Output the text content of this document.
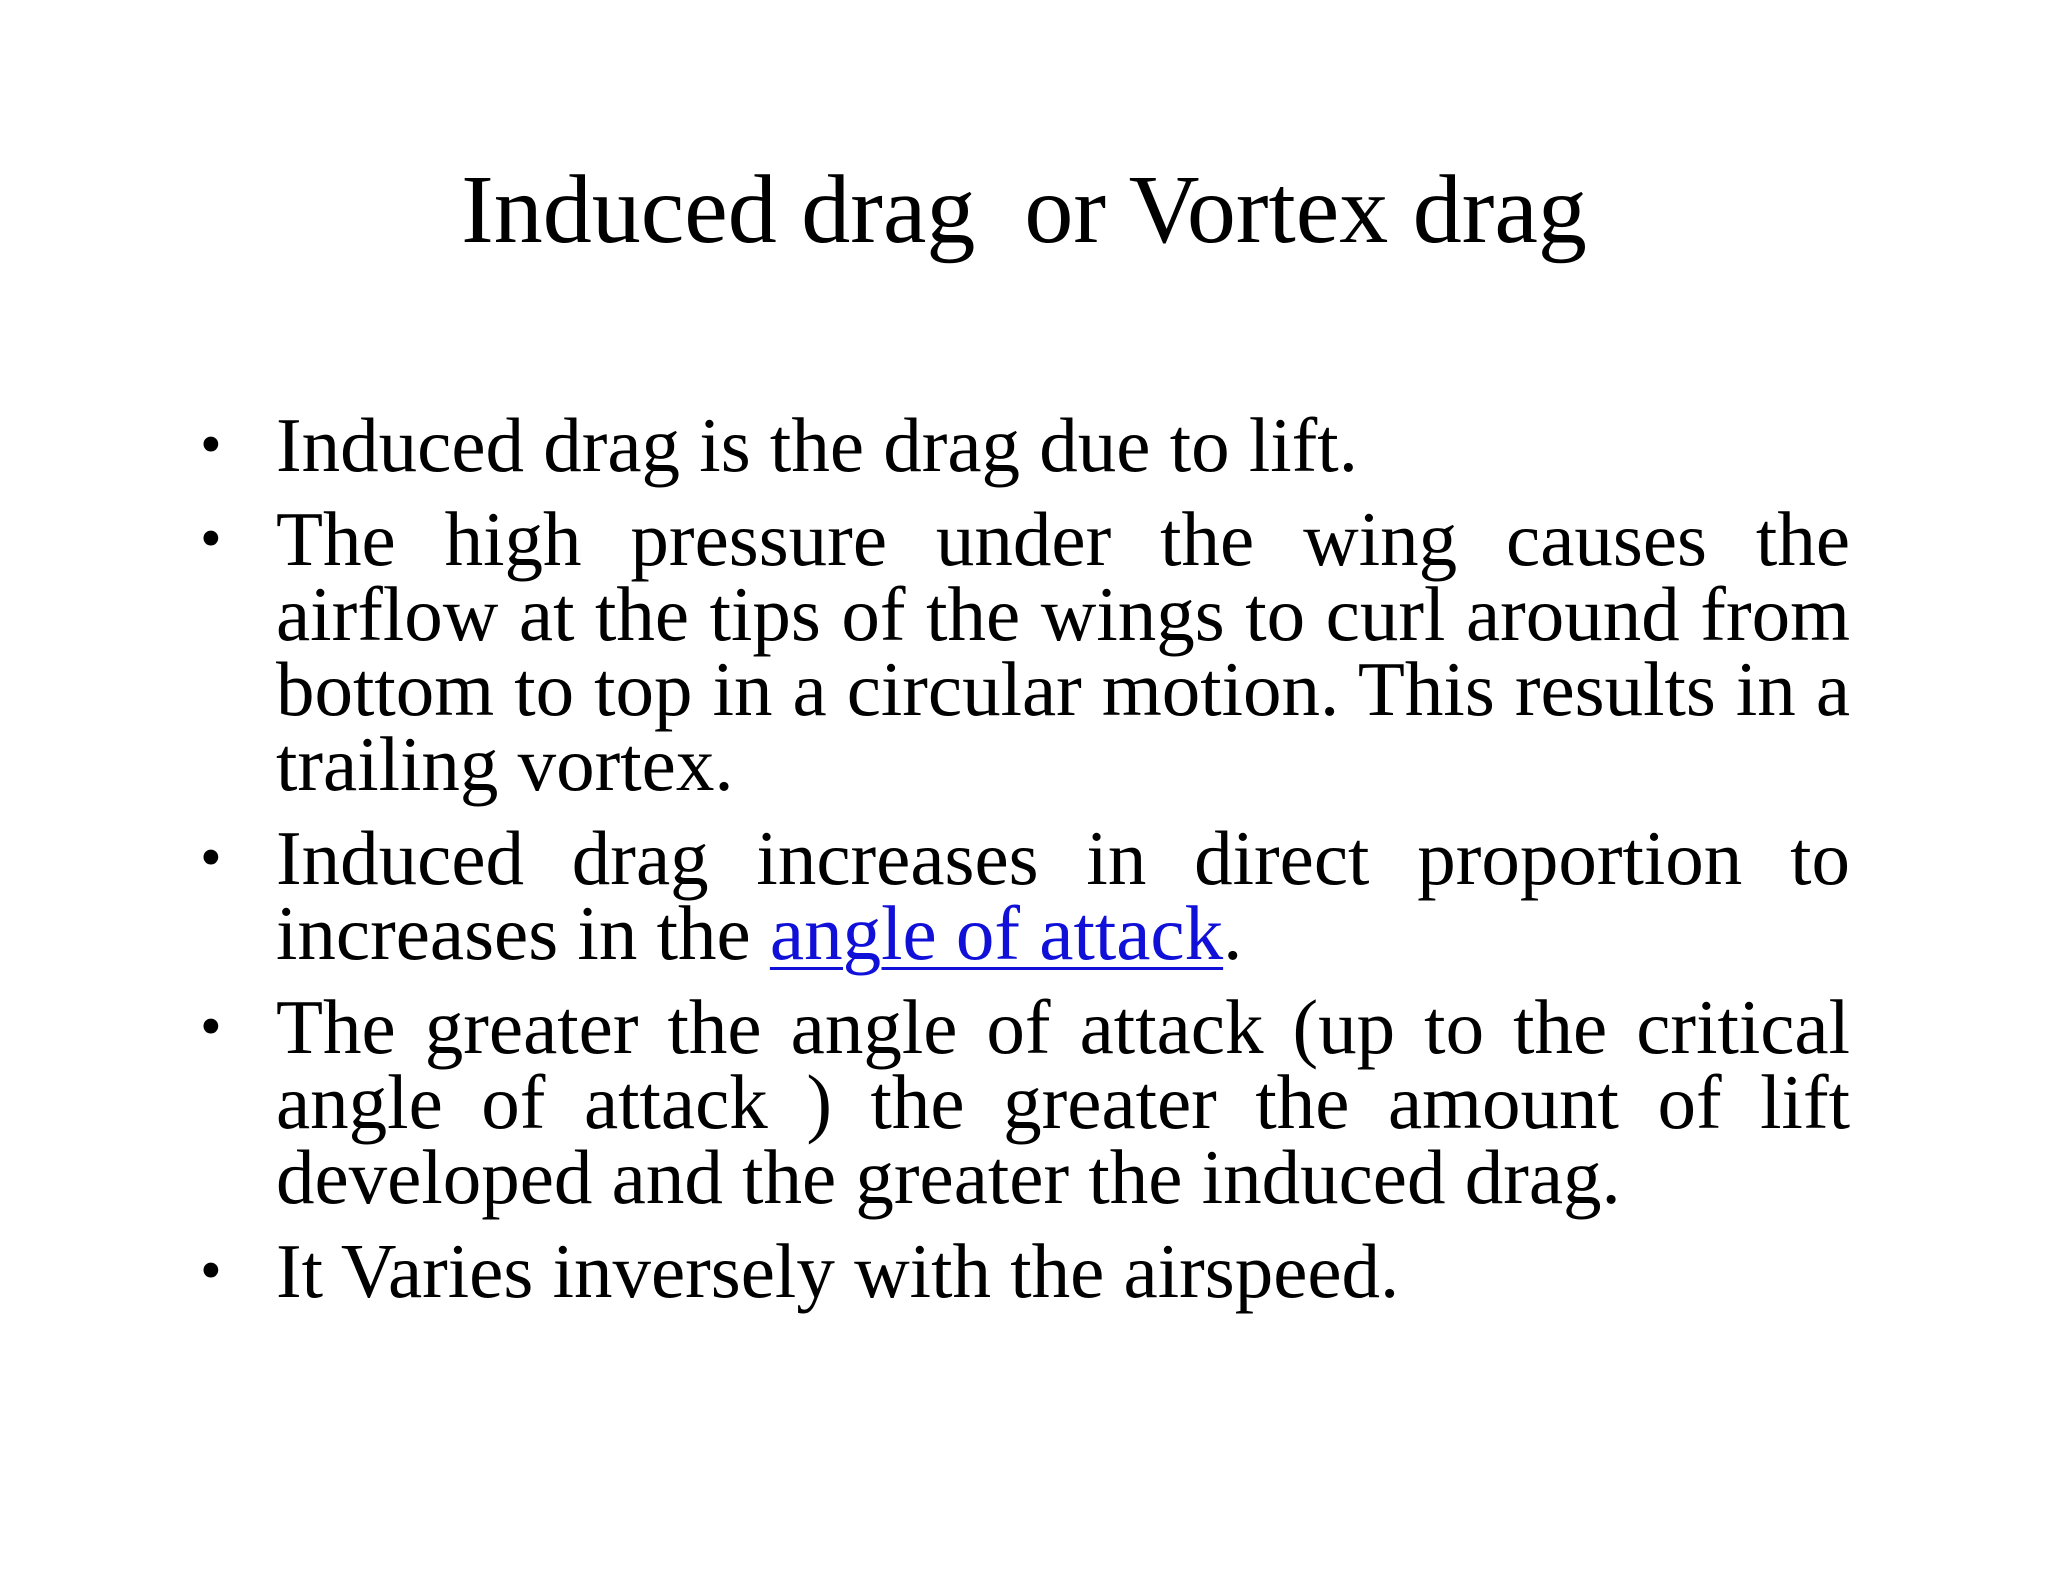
Induced drag  or Vortex drag
• Induced drag is the drag due to lift.
• The high pressure under the wing causes the airflow at the tips of the wings to curl around from bottom to top in a circular motion. This results in a trailing vortex.
• Induced drag increases in direct proportion to increases in the angle of attack.
• The greater the angle of attack (up to the critical angle of attack ) the greater the amount of lift developed and the greater the induced drag.
• It Varies inversely with the airspeed.
